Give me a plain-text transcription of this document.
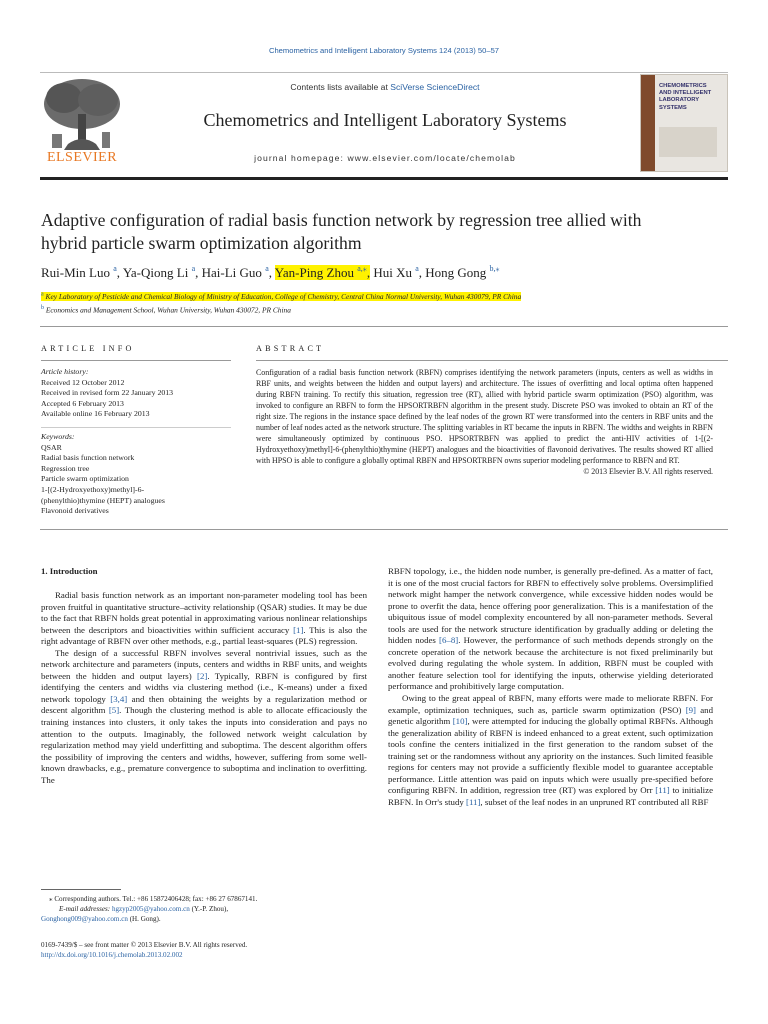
Chemometrics and Intelligent Laboratory Systems 124 (2013) 50–57
ELSEVIER
Contents lists available at SciVerse ScienceDirect
Chemometrics and Intelligent Laboratory Systems
journal homepage: www.elsevier.com/locate/chemolab
CHEMOMETRICS
AND INTELLIGENT
LABORATORY
SYSTEMS
Adaptive configuration of radial basis function network by regression tree allied with
hybrid particle swarm optimization algorithm
Rui-Min Luo $^a$, Ya-Qiong Li $^a$, Hai-Li Guo $^a$, Yan-Ping Zhou $^{a,⁎}$, Hui Xu $^a$, Hong Gong $^{b,⁎}$
$^a$ Key Laboratory of Pesticide and Chemical Biology of Ministry of Education, College of Chemistry, Central China Normal University, Wuhan 430079, PR China
$^b$ Economics and Management School, Wuhan University, Wuhan 430072, PR China
ARTICLE INFO
Article history:
Received 12 October 2012
Received in revised form 22 January 2013
Accepted 6 February 2013
Available online 16 February 2013
Keywords:
QSAR
Radial basis function network
Regression tree
Particle swarm optimization
1-[(2-Hydroxyethoxy)methyl]-6-
(phenylthio)thymine (HEPT) analogues
Flavonoid derivatives
ABSTRACT
Configuration of a radial basis function network (RBFN) comprises identifying the network parameters (inputs, centers as well as widths in RBF units, and weights between the hidden and output layers) and architecture. The issues of overfitting and local optima often happened during RBFN training. To rectify this situation, regression tree (RT), allied with hybrid particle swarm optimization (PSO) algorithm, was invoked to configure an RBFN to form the HPSORTRBFN algorithm in the present study. Discrete PSO was invoked to obtain an RT of the right size. The regions in the instance space defined by the leaf nodes of the grown RT were transformed into the centers in RBF units and the number of leaf nodes acted as the network structure. The splitting variables in RT became the inputs in RBFN. The widths and weights in RBFN were simultaneously optimized by continuous PSO. HPSORTRBFN was applied to predict the anti-HIV activities of 1-[(2-Hydroxyethoxy)methyl]-6-(phenylthio)thymine (HEPT) analogues and the bioactivities of flavonoid derivatives. The results showed RT allied with HPSO is able to configure a globally optimal RBFN and HPSORTRBFN owns superior modeling performance to RBFN and RT.
© 2013 Elsevier B.V. All rights reserved.
1. Introduction

Radial basis function network as an important non-parameter modeling tool has been proven fruitful in quantitative structure–activity relationship (QSAR) studies. It may be due to the fact that RBFN holds great potential in approximating various nonlinear relationships between the descriptors and bioactivities within sufficient accuracy [1]. This is also the right advantage of RBFN over other methods, e.g., partial least-squares (PLS) regression.

The design of a successful RBFN involves several nontrivial issues, such as the network architecture and parameters (inputs, centers and widths in RBF units, and weights between the hidden and output layers) [2]. Typically, RBFN is configured by first identifying the centers and widths via clustering method (i.e., K-means) under a fixed network topology [3,4] and then obtaining the weights by a regularization method or descent algorithm [5]. Though the clustering method is able to allocate efficaciously the training instances into clusters, it only takes the inputs into consideration and pays no attention to the outputs. Imaginably, the followed network weight calculation by regularization method may yield underfitting and suboptima. The descent algorithm offers the possibility of improving the centers and widths, however, suffering from some well-known drawbacks, e.g., premature convergence to suboptima and inclination to overfitting. The

RBFN topology, i.e., the hidden node number, is generally pre-defined. As a matter of fact, it is one of the most crucial factors for RBFN to effectively solve problems. Oversimplified network might hamper the network convergence, while excessive hidden nodes would be prone to overfit the data, hence offering poor generalization. This is a manifestation of the ubiquitous issue of model complexity encountered by all non-parameter methods. Several tools are used for the network structure identification by gradually adding or deleting the hidden nodes [6–8]. However, the performance of such methods depends strongly on the concrete operation of the network because the architecture is not fixed preliminarily but evolved during regulating the whole system. In addition, RBFN must be coupled with another feature selection tool for identifying the inputs, otherwise yielding deteriorated performance and prohibitively large computation.

Owing to the great appeal of RBFN, many efforts were made to meliorate RBFN. For example, optimization techniques, such as, particle swarm optimization (PSO) [9] and genetic algorithm [10], were attempted for inducing the globally optimal RBFNs. Although the generalization ability of RBFN is indeed enhanced to a great extent, such optimization tools confine the centers initialized in the first generation to the random subset of the training set or the randomness without any apriority on the instances. Such limited feasible regions for centers may not provide a sufficiently flexible model to guarantee acceptable performance. Little attention was paid on inputs which were usually pre-specified before configuring RBFN. In addition, regression tree (RT) was explored by Orr [11] to initialize RBFN. In Orr's study [11], subset of the leaf nodes in an unpruned RT contributed all RBF

⁎ Corresponding authors. Tel.: +86 15872406428; fax: +86 27 67867141.
E-mail addresses: hgzyp2005@yahoo.com.cn (Y.-P. Zhou),
Gonghong009@yahoo.com.cn (H. Gong).
0169-7439/$ – see front matter © 2013 Elsevier B.V. All rights reserved.
http://dx.doi.org/10.1016/j.chemolab.2013.02.002
